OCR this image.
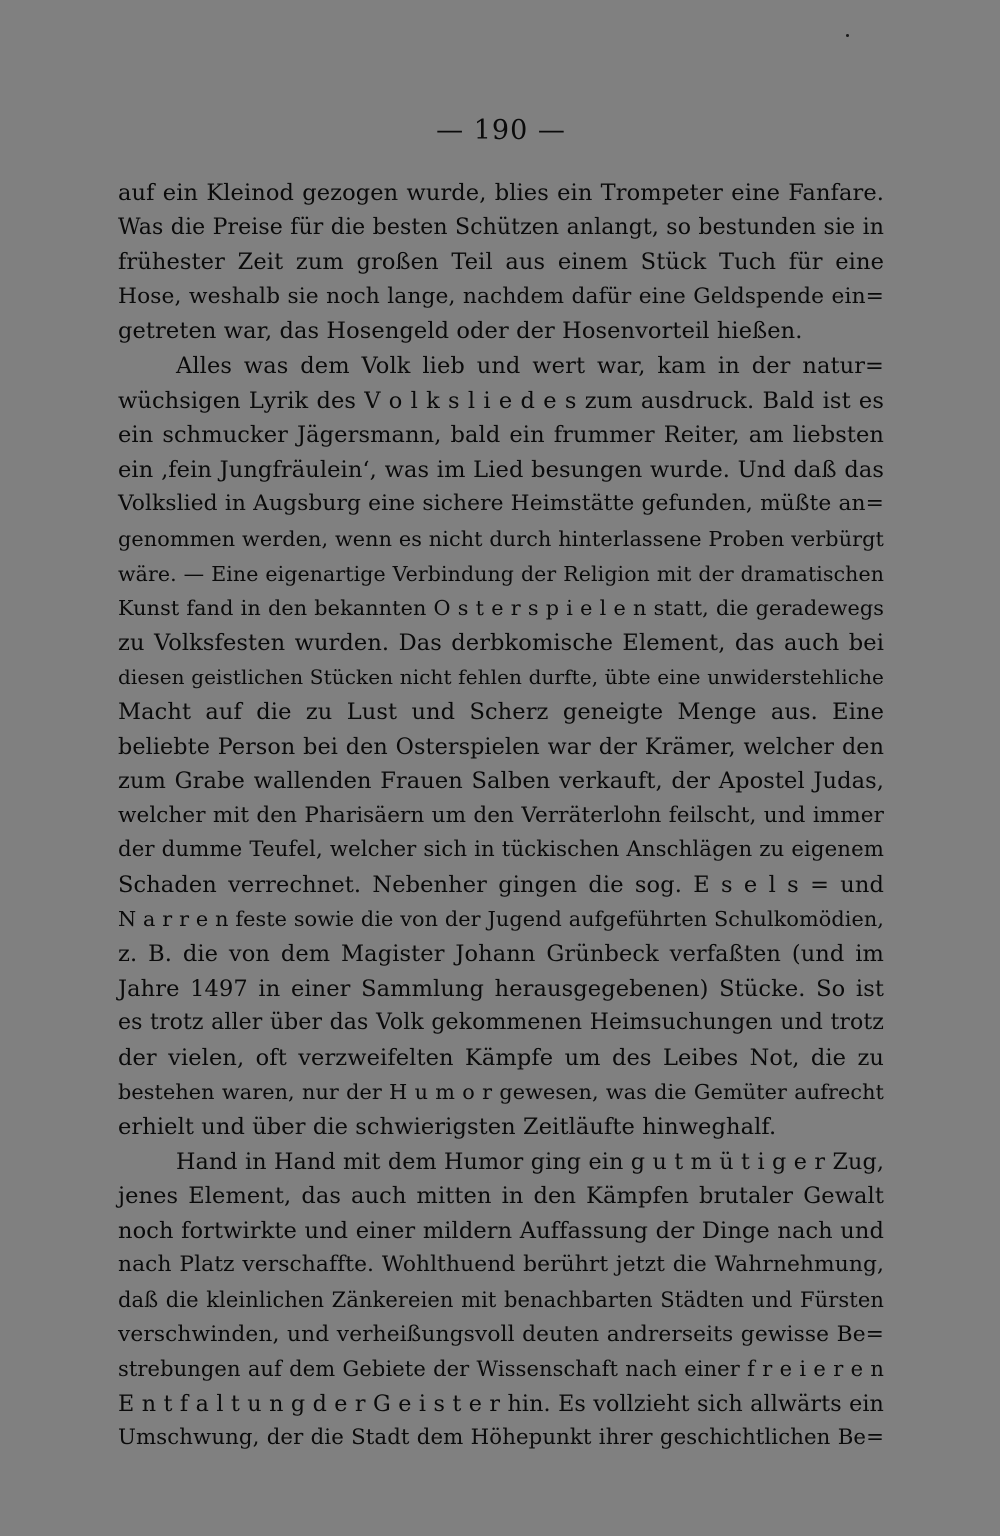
— 190 —
auf ein Kleinod gezogen wurde, blies ein Trompeter eine Fanfare.
Was die Preise für die besten Schützen anlangt, so bestunden sie in
frühester Zeit zum großen Teil aus einem Stück Tuch für eine
Hose, weshalb sie noch lange, nachdem dafür eine Geldspende ein=
getreten war, das Hosengeld oder der Hosenvorteil hießen.
Alles was dem Volk lieb und wert war, kam in der natur=
wüchsigen Lyrik des V o l k s l i e d e s zum ausdruck. Bald ist es
ein schmucker Jägersmann, bald ein frummer Reiter, am liebsten
ein ‚fein Jungfräulein‘, was im Lied besungen wurde. Und daß das
Volkslied in Augsburg eine sichere Heimstätte gefunden, müßte an=
genommen werden, wenn es nicht durch hinterlassene Proben verbürgt
wäre. — Eine eigenartige Verbindung der Religion mit der dramatischen
Kunst fand in den bekannten O s t e r s p i e l e n statt, die geradewegs
zu Volksfesten wurden. Das derbkomische Element, das auch bei
diesen geistlichen Stücken nicht fehlen durfte, übte eine unwiderstehliche
Macht auf die zu Lust und Scherz geneigte Menge aus. Eine
beliebte Person bei den Osterspielen war der Krämer, welcher den
zum Grabe wallenden Frauen Salben verkauft, der Apostel Judas,
welcher mit den Pharisäern um den Verräterlohn feilscht, und immer
der dumme Teufel, welcher sich in tückischen Anschlägen zu eigenem
Schaden verrechnet. Nebenher gingen die sog. E s e l s = und
N a r r e n feste sowie die von der Jugend aufgeführten Schulkomödien,
z. B. die von dem Magister Johann Grünbeck verfaßten (und im
Jahre 1497 in einer Sammlung herausgegebenen) Stücke. So ist
es trotz aller über das Volk gekommenen Heimsuchungen und trotz
der vielen, oft verzweifelten Kämpfe um des Leibes Not, die zu
bestehen waren, nur der H u m o r gewesen, was die Gemüter aufrecht
erhielt und über die schwierigsten Zeitläufte hinweghalf.
Hand in Hand mit dem Humor ging ein g u t m ü t i g e r Zug,
jenes Element, das auch mitten in den Kämpfen brutaler Gewalt
noch fortwirkte und einer mildern Auffassung der Dinge nach und
nach Platz verschaffte. Wohlthuend berührt jetzt die Wahrnehmung,
daß die kleinlichen Zänkereien mit benachbarten Städten und Fürsten
verschwinden, und verheißungsvoll deuten andrerseits gewisse Be=
strebungen auf dem Gebiete der Wissenschaft nach einer f r e i e r e n
E n t f a l t u n g d e r G e i s t e r hin. Es vollzieht sich allwärts ein
Umschwung, der die Stadt dem Höhepunkt ihrer geschichtlichen Be=
